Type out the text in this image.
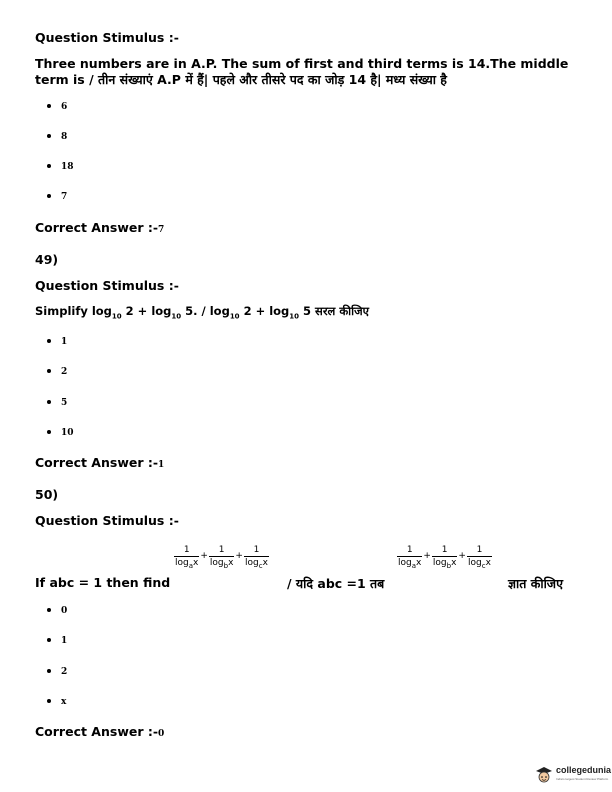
Question Stimulus :-
Three numbers are in A.P. The sum of first and third terms is 14.The middle
term is / तीन संख्याएं A.P में हैं| पहले और तीसरे पद का जोड़ 14 है| मध्य संख्या है
6
8
18
7
Correct Answer :-7
49)
Question Stimulus :-
Simplify $\log_{10} 2 + \log_{10} 5$. / $\log_{10} 2 + \log_{10} 5$ सरल कीजिए
1
2
5
10
Correct Answer :-1
50)
Question Stimulus :-
If abc = 1 then find
$\frac{1}{\log_ax} + \frac{1}{\log_bx} + \frac{1}{\log_cx}$
/ यदि abc =1 तब
$\frac{1}{\log_ax} + \frac{1}{\log_bx} + \frac{1}{\log_cx}$
ज्ञात कीजिए
0
1
2
x
Correct Answer :-0
collegedunia
India's largest Student Review Platform
